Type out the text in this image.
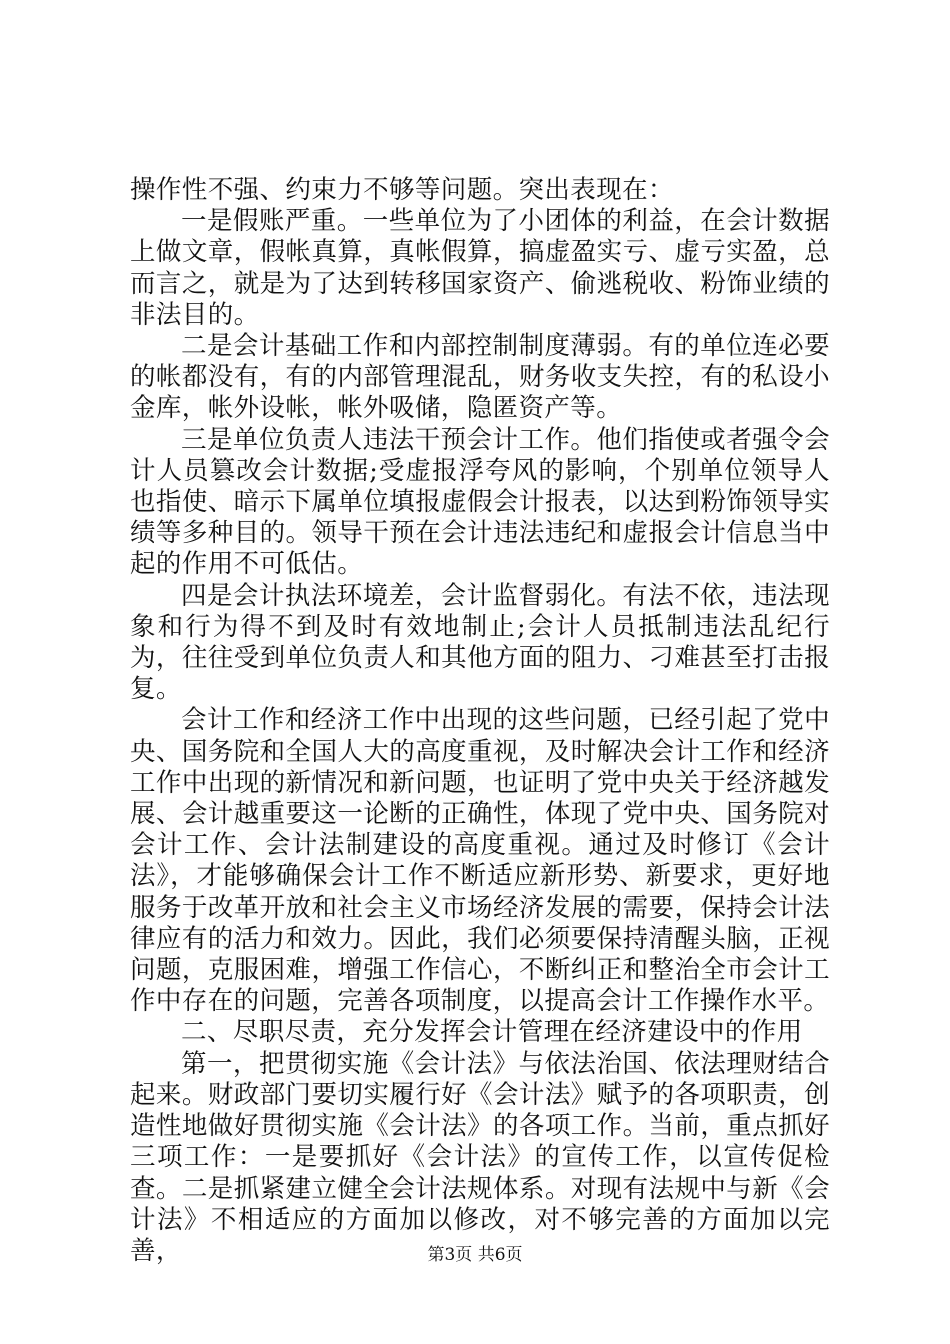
操作性不强、约束力不够等问题。突出表现在：

一是假账严重。一些单位为了小团体的利益，在会计数据上做文章，假帐真算，真帐假算，搞虚盈实亏、虚亏实盈，总而言之，就是为了达到转移国家资产、偷逃税收、粉饰业绩的非法目的。

二是会计基础工作和内部控制制度薄弱。有的单位连必要的帐都没有，有的内部管理混乱，财务收支失控，有的私设小金库，帐外设帐，帐外吸储，隐匿资产等。

三是单位负责人违法干预会计工作。他们指使或者强令会计人员篡改会计数据;受虚报浮夸风的影响，个别单位领导人也指使、暗示下属单位填报虚假会计报表，以达到粉饰领导实绩等多种目的。领导干预在会计违法违纪和虚报会计信息当中起的作用不可低估。

四是会计执法环境差，会计监督弱化。有法不依，违法现象和行为得不到及时有效地制止;会计人员抵制违法乱纪行为，往往受到单位负责人和其他方面的阻力、刁难甚至打击报复。

会计工作和经济工作中出现的这些问题，已经引起了党中央、国务院和全国人大的高度重视，及时解决会计工作和经济工作中出现的新情况和新问题，也证明了党中央关于经济越发展、会计越重要这一论断的正确性，体现了党中央、国务院对会计工作、会计法制建设的高度重视。通过及时修订《会计法》，才能够确保会计工作不断适应新形势、新要求，更好地服务于改革开放和社会主义市场经济发展的需要，保持会计法律应有的活力和效力。因此，我们必须要保持清醒头脑，正视问题，克服困难，增强工作信心，不断纠正和整治全市会计工作中存在的问题，完善各项制度，以提高会计工作操作水平。

二、尽职尽责，充分发挥会计管理在经济建设中的作用

第一，把贯彻实施《会计法》与依法治国、依法理财结合起来。财政部门要切实履行好《会计法》赋予的各项职责，创造性地做好贯彻实施《会计法》的各项工作。当前，重点抓好三项工作：一是要抓好《会计法》的宣传工作，以宣传促检查。二是抓紧建立健全会计法规体系。对现有法规中与新《会计法》不相适应的方面加以修改，对不够完善的方面加以完善，	第3页 共6页
